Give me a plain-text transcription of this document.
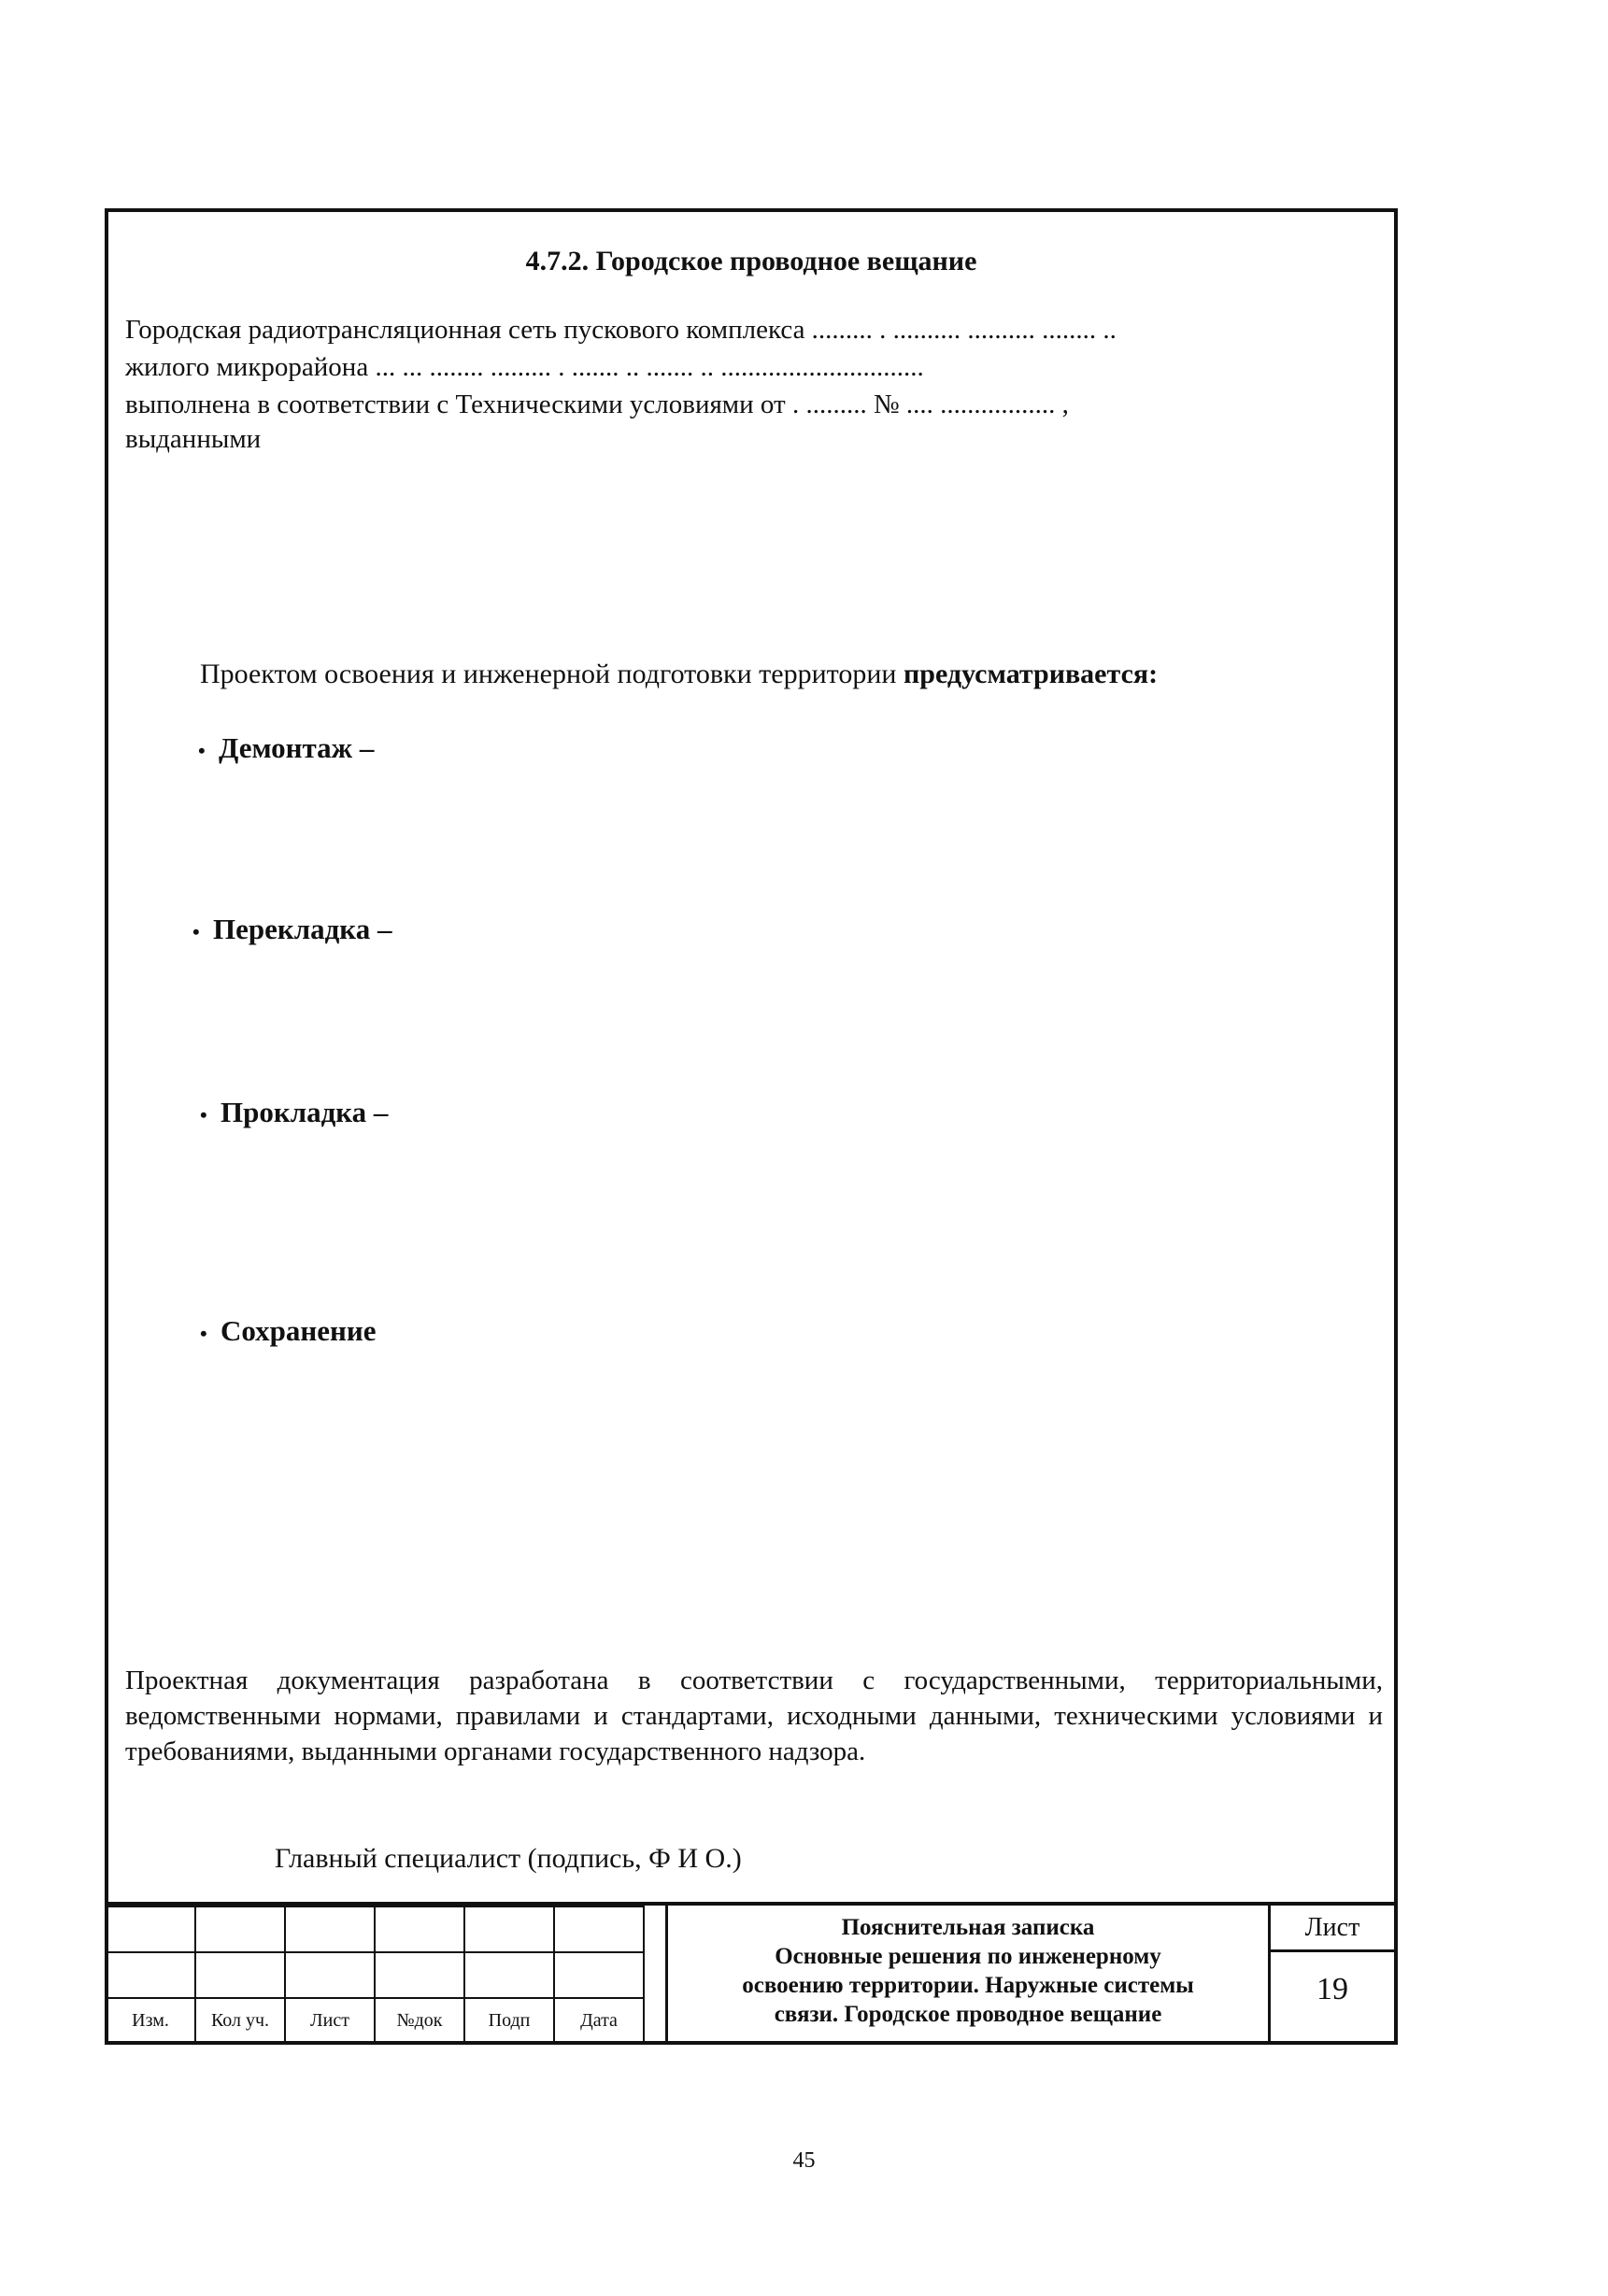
4.7.2. Городское проводное вещание
Городская радиотрансляционная сеть пускового комплекса ......... . .......... .......... ........ ..
жилого микрорайона ... ... ........ ......... . ....... .. ....... .. ..............................
выполнена в соответствии с Техническими условиями от . ......... № .... ................. ,
выданными
Проектом освоения и инженерной подготовки территории предусматривается:
• Демонтаж –
• Перекладка –
• Прокладка –
• Сохранение
Проектная документация разработана в соответствии с государственными, территориальными, ведомственными нормами, правилами и стандартами, исходными данными, техническими условиями и требованиями, выданными органами государственного надзора.
Главный специалист (подпись, Ф И О.)

Изм.	Кол уч.	Лист	№док	Подп	Дата
Пояснительная записка
Основные решения по инженерному
освоению территории. Наружные системы
связи. Городское проводное вещание
Лист
19
45
